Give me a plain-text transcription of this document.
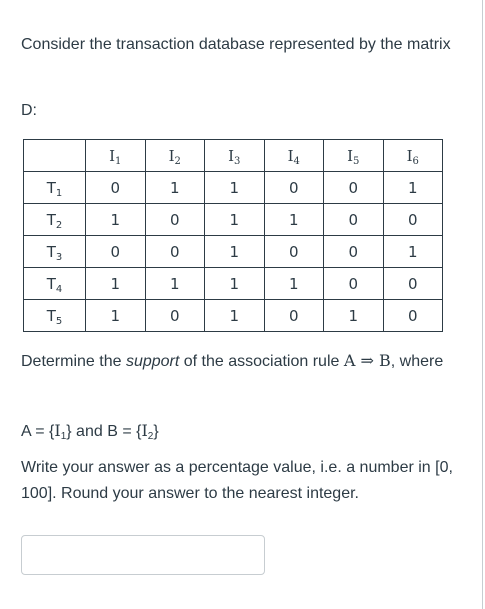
Consider the transaction database represented by the matrix

D:

	$I_1$	$I_2$	$I_3$	$I_4$	$I_5$	$I_6$
$T_1$	0	1	1	0	0	1
$T_2$	1	0	1	1	0	0
$T_3$	0	0	1	0	0	1
$T_4$	1	1	1	1	0	0
$T_5$	1	0	1	0	1	0

Determine the support of the association rule A ⇒ B, where

$A = \{I_1\}$ and $B = \{I_2\}$

Write your answer as a percentage value, i.e. a number in [0, 100]. Round your answer to the nearest integer.
